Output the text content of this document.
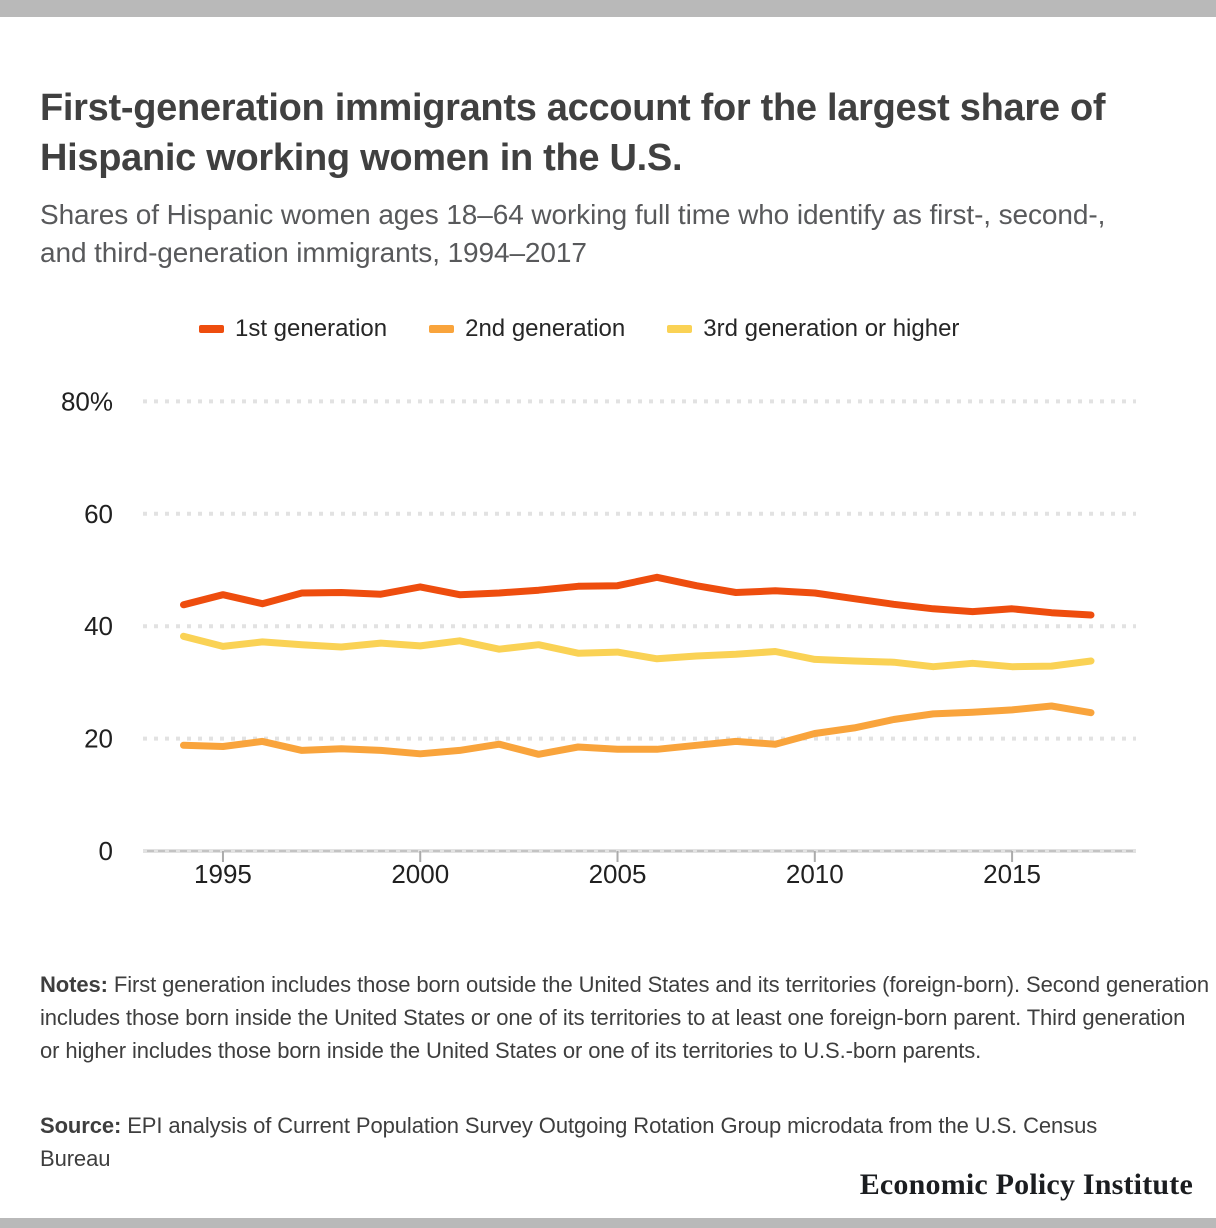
First-generation immigrants account for the largest share of Hispanic working women in the U.S.

Shares of Hispanic women ages 18–64 working full time who identify as first-, second-, and third-generation immigrants, 1994–2017

1st generation	2nd generation	3rd generation or higher
0
20
40
60
80%
1995	2000	2005	2010	2015

Notes: First generation includes those born outside the United States and its territories (foreign-born). Second generation includes those born inside the United States or one of its territories to at least one foreign-born parent. Third generation or higher includes those born inside the United States or one of its territories to U.S.-born parents.

Source: EPI analysis of Current Population Survey Outgoing Rotation Group microdata from the U.S. Census Bureau

Economic Policy Institute
